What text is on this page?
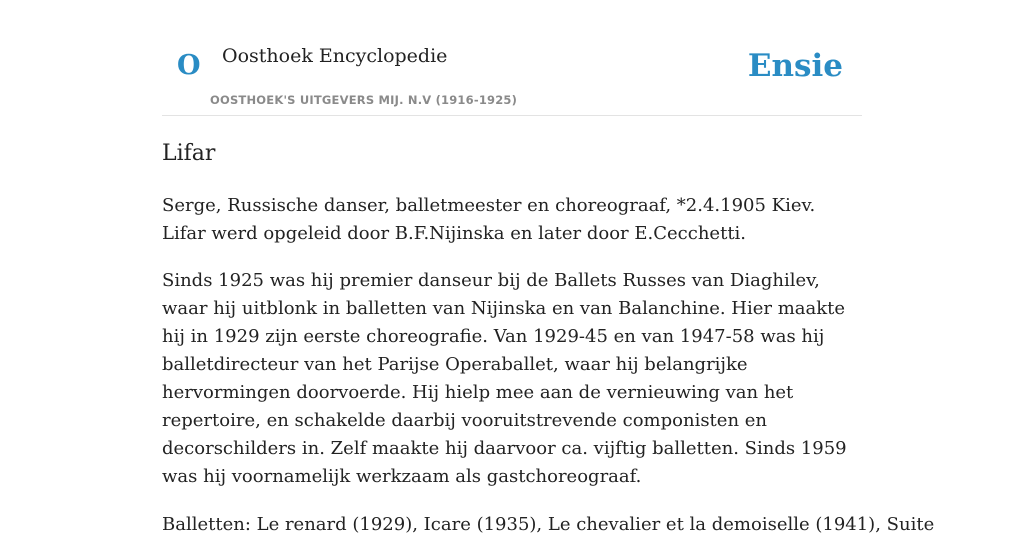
O Oosthoek Encyclopedie
OOSTHOEK'S UITGEVERS MIJ. N.V (1916-1925)
Ensie
Lifar

Serge, Russische danser, balletmeester en choreograaf, *2.4.1905 Kiev. Lifar werd opgeleid door B.F.Nijinska en later door E.Cecchetti.

Sinds 1925 was hij premier danseur bij de Ballets Russes van Diaghilev, waar hij uitblonk in balletten van Nijinska en van Balanchine. Hier maakte hij in 1929 zijn eerste choreografie. Van 1929-45 en van 1947-58 was hij balletdirecteur van het Parijse Operaballet, waar hij belangrijke hervormingen doorvoerde. Hij hielp mee aan de vernieuwing van het repertoire, en schakelde daarbij vooruitstrevende componisten en decorschilders in. Zelf maakte hij daarvoor ca. vijftig balletten. Sinds 1959 was hij voornamelijk werkzaam als gastchoreograaf.

Balletten: Le renard (1929), Icare (1935), Le chevalier et la demoiselle (1941), Suite
